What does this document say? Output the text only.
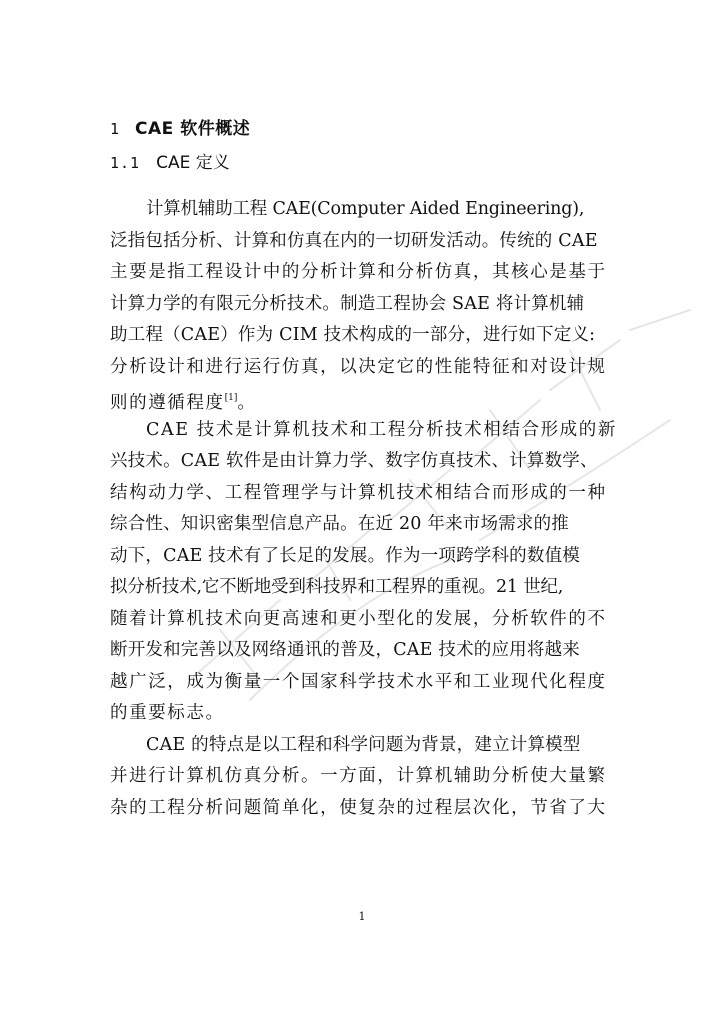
1 CAE 软件概述
1.1 CAE 定义
计算机辅助工程 CAE(Computer Aided Engineering),
泛指包括分析、计算和仿真在内的一切研发活动。传统的 CAE
主要是指工程设计中的分析计算和分析仿真，其核心是基于
计算力学的有限元分析技术。制造工程协会 SAE 将计算机辅
助工程（CAE）作为 CIM 技术构成的一部分，进行如下定义:
分析设计和进行运行仿真，以决定它的性能特征和对设计规
则的遵循程度[1]。
CAE 技术是计算机技术和工程分析技术相结合形成的新
兴技术。CAE 软件是由计算力学、数字仿真技术、计算数学、
结构动力学、工程管理学与计算机技术相结合而形成的一种
综合性、知识密集型信息产品。在近 20 年来市场需求的推
动下，CAE 技术有了长足的发展。作为一项跨学科的数值模
拟分析技术,它不断地受到科技界和工程界的重视。21 世纪,
随着计算机技术向更高速和更小型化的发展，分析软件的不
断开发和完善以及网络通讯的普及，CAE 技术的应用将越来
越广泛，成为衡量一个国家科学技术水平和工业现代化程度
的重要标志。
CAE 的特点是以工程和科学问题为背景，建立计算模型
并进行计算机仿真分析。一方面，计算机辅助分析使大量繁
杂的工程分析问题简单化，使复杂的过程层次化，节省了大
1
